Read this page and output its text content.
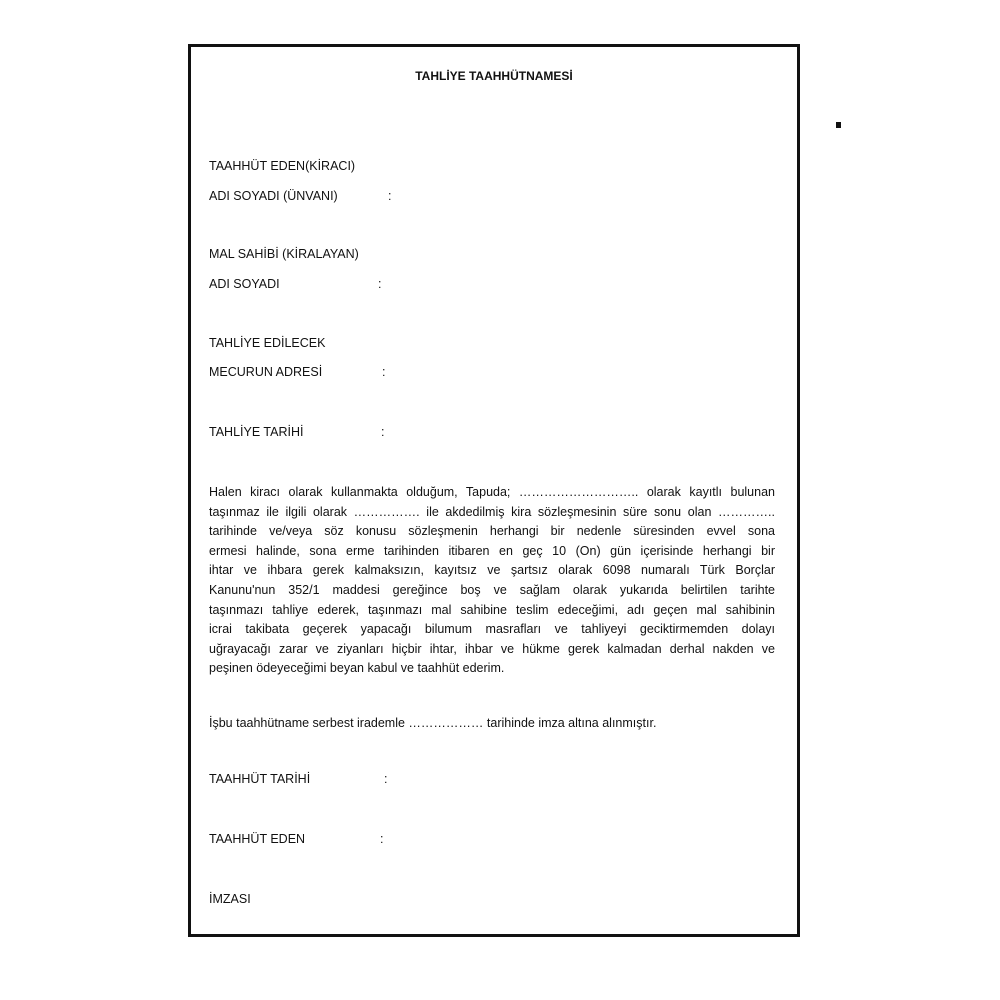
TAHLİYE TAAHHÜTNAMESİ
TAAHHÜT EDEN(KİRACI)
ADI SOYADI (ÜNVANI)	:
MAL SAHİBİ (KİRALAYAN)
ADI SOYADI	:
TAHLİYE EDİLECEK
MECURUN ADRESİ	:
TAHLİYE TARİHİ	:
Halen kiracı olarak kullanmakta olduğum, Tapuda; ……………………….. olarak kayıtlı bulunan
taşınmaz ile ilgili olarak ……………. ile akdedilmiş kira sözleşmesinin süre sonu olan …………..
tarihinde ve/veya söz konusu sözleşmenin herhangi bir nedenle süresinden evvel sona
ermesi halinde, sona erme tarihinden itibaren en geç 10 (On) gün içerisinde herhangi bir
ihtar ve ihbara gerek kalmaksızın, kayıtsız ve şartsız olarak 6098 numaralı Türk Borçlar
Kanunu'nun 352/1 maddesi gereğince boş ve sağlam olarak yukarıda belirtilen tarihte
taşınmazı tahliye ederek, taşınmazı mal sahibine teslim edeceğimi, adı geçen mal sahibinin
icrai takibata geçerek yapacağı bilumum masrafları ve tahliyeyi geciktirmemden dolayı
uğrayacağı zarar ve ziyanları hiçbir ihtar, ihbar ve hükme gerek kalmadan derhal nakden ve
peşinen ödeyeceğimi beyan kabul ve taahhüt ederim.
İşbu taahhütname serbest irademle ……………… tarihinde imza altına alınmıştır.
TAAHHÜT TARİHİ	:
TAAHHÜT EDEN	:
İMZASI
